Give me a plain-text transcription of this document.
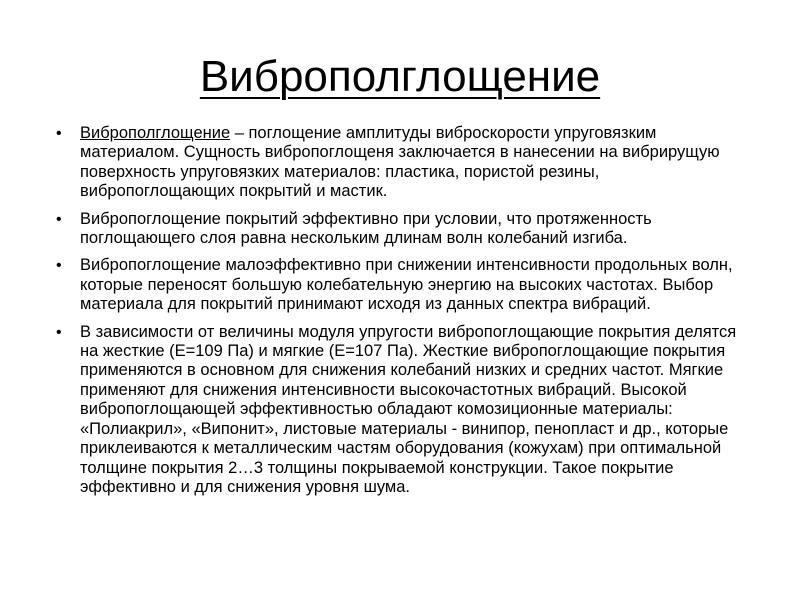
Виброполглощение
• Виброполглощение – поглощение амплитуды виброскорости упруговязким материалом. Сущность вибропоглощеня заключается в нанесении на вибрирущую поверхность упруговязких материалов: пластика, пористой резины, вибропоглощающих покрытий и мастик.
• Вибропоглощение покрытий эффективно при условии, что протяженность поглощающего слоя равна нескольким длинам волн колебаний изгиба.
• Вибропоглощение малоэффективно при снижении интенсивности продольных волн, которые переносят большую колебательную энергию на высоких частотах. Выбор материала для покрытий принимают исходя из данных спектра вибраций.
• В зависимости от величины модуля упругости вибропоглощающие покрытия делятся на жесткие (E=109 Па) и мягкие (E=107 Па). Жесткие вибропоглощающие покрытия применяются в основном для снижения колебаний низких и средних частот. Мягкие применяют для снижения интенсивности высокочастотных вибраций. Высокой вибропоглощающей эффективностью обладают комозиционные материалы: «Полиакрил», «Випонит», листовые материалы - винипор, пенопласт и др., которые приклеиваются к металлическим частям оборудования (кожухам) при оптимальной толщине покрытия 2…3 толщины покрываемой конструкции. Такое покрытие эффективно и для снижения уровня шума.
